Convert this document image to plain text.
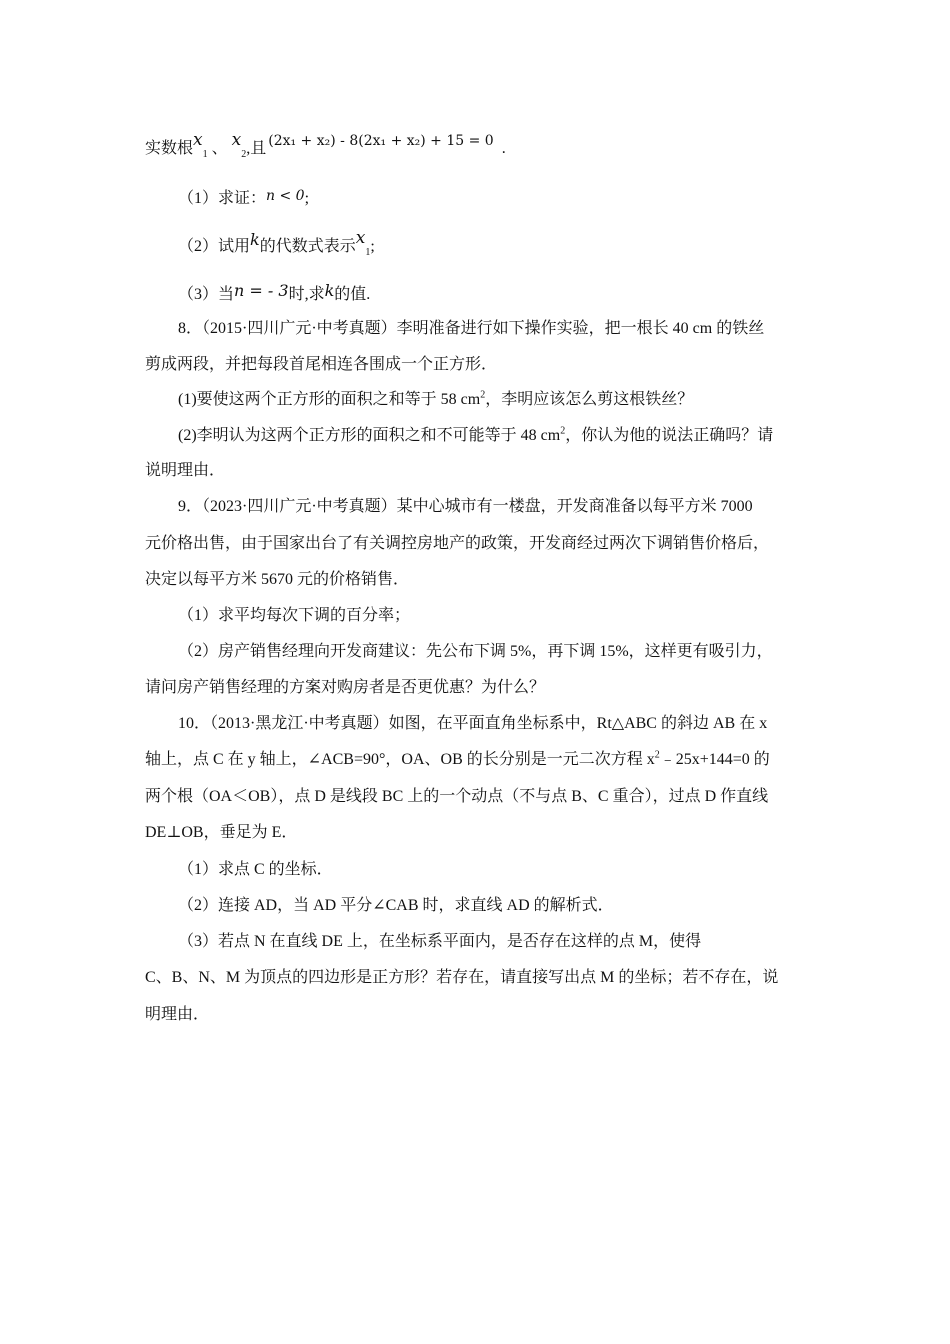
实数根$x_1$ 、 $x_2$,且 (2x₁ + x₂) - 8(2x₁ + x₂) + 15 = 0 .
（1）求证：n < 0;
（2）试用k的代数式表示$x_1$;
（3）当n = - 3时,求k的值.
8．（2015·四川广元·中考真题）李明准备进行如下操作实验，把一根长 40 cm 的铁丝
剪成两段，并把每段首尾相连各围成一个正方形．
(1)要使这两个正方形的面积之和等于 58 $cm^2$，李明应该怎么剪这根铁丝？
(2)李明认为这两个正方形的面积之和不可能等于 48 $cm^2$，你认为他的说法正确吗？请
说明理由．
9．（2023·四川广元·中考真题）某中心城市有一楼盘，开发商准备以每平方米 7000
元价格出售，由于国家出台了有关调控房地产的政策，开发商经过两次下调销售价格后，
决定以每平方米 5670 元的价格销售．
（1）求平均每次下调的百分率；
（2）房产销售经理向开发商建议：先公布下调 5%，再下调 15%，这样更有吸引力，
请问房产销售经理的方案对购房者是否更优惠？为什么？
10．（2013·黑龙江·中考真题）如图，在平面直角坐标系中，Rt△ABC 的斜边 AB 在 x
轴上，点 C 在 y 轴上，∠ACB=90°，OA、OB 的长分别是一元二次方程 $x^2﹣25x+144=0$ 的
两个根（OA＜OB），点 D 是线段 BC 上的一个动点（不与点 B、C 重合），过点 D 作直线
DE⊥OB，垂足为 E．
（1）求点 C 的坐标．
（2）连接 AD，当 AD 平分∠CAB 时，求直线 AD 的解析式．
（3）若点 N 在直线 DE 上，在坐标系平面内，是否存在这样的点 M，使得
C、B、N、M 为顶点的四边形是正方形？若存在，请直接写出点 M 的坐标；若不存在，说
明理由．
